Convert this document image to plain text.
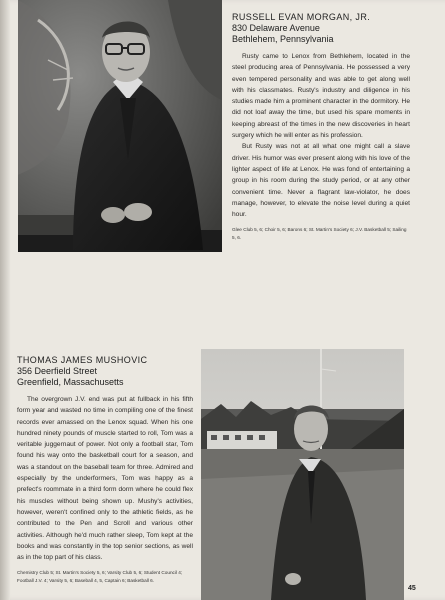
RUSSELL EVAN MORGAN, JR.
830 Delaware Avenue
Bethlehem, Pennsylvania

Rusty came to Lenox from Bethlehem, located in the steel producing area of Pennsylvania. He possessed a very even tempered personality and was able to get along well with his classmates. Rusty's industry and diligence in his studies made him a prominent character in the dormitory. He did not loaf away the time, but used his spare moments in keeping abreast of the times in the new discoveries in heart surgery which he will enter as his profession.

But Rusty was not at all what one might call a slave driver. His humor was ever present along with his love of the lighter aspect of life at Lenox. He was fond of entertaining a group in his room during the study period, or at any other convenient time. Never a flagrant law-violator, he does manage, however, to elevate the noise level during a quiet hour.

Glee Club 5, 6; Choir 5, 6; Barons 6; St. Martin's Society 6; J.V. Basketball 5; Sailing 5, 6.
THOMAS JAMES MUSHOVIC
356 Deerfield Street
Greenfield, Massachusetts

The overgrown J.V. end was put at fullback in his fifth form year and wasted no time in compiling one of the finest records ever amassed on the Lenox squad. When his one hundred ninety pounds of muscle started to roll, Tom was a veritable juggernaut of power. Not only a football star, Tom found his way onto the basketball court for a season, and was a standout on the baseball team for three. Admired and especially by the underformers, Tom was happy as a prefect's roommate in a third form dorm where he could flex his muscles without being shown up. Mushy's activities, however, weren't confined only to the athletic fields, as he contributed to the Pen and Scroll and various other activities. Although he'd much rather sleep, Tom kept at the books and was constantly in the top senior sections, as well as in the top part of his class.

Chemistry Club 5; St. Martin's Society 5, 6; Varsity Club 5, 6; Student Council 4; Football J.V. 4; Varsity 5, 6; Baseball 4, 5, Captain 6; Basketball 6.
45
